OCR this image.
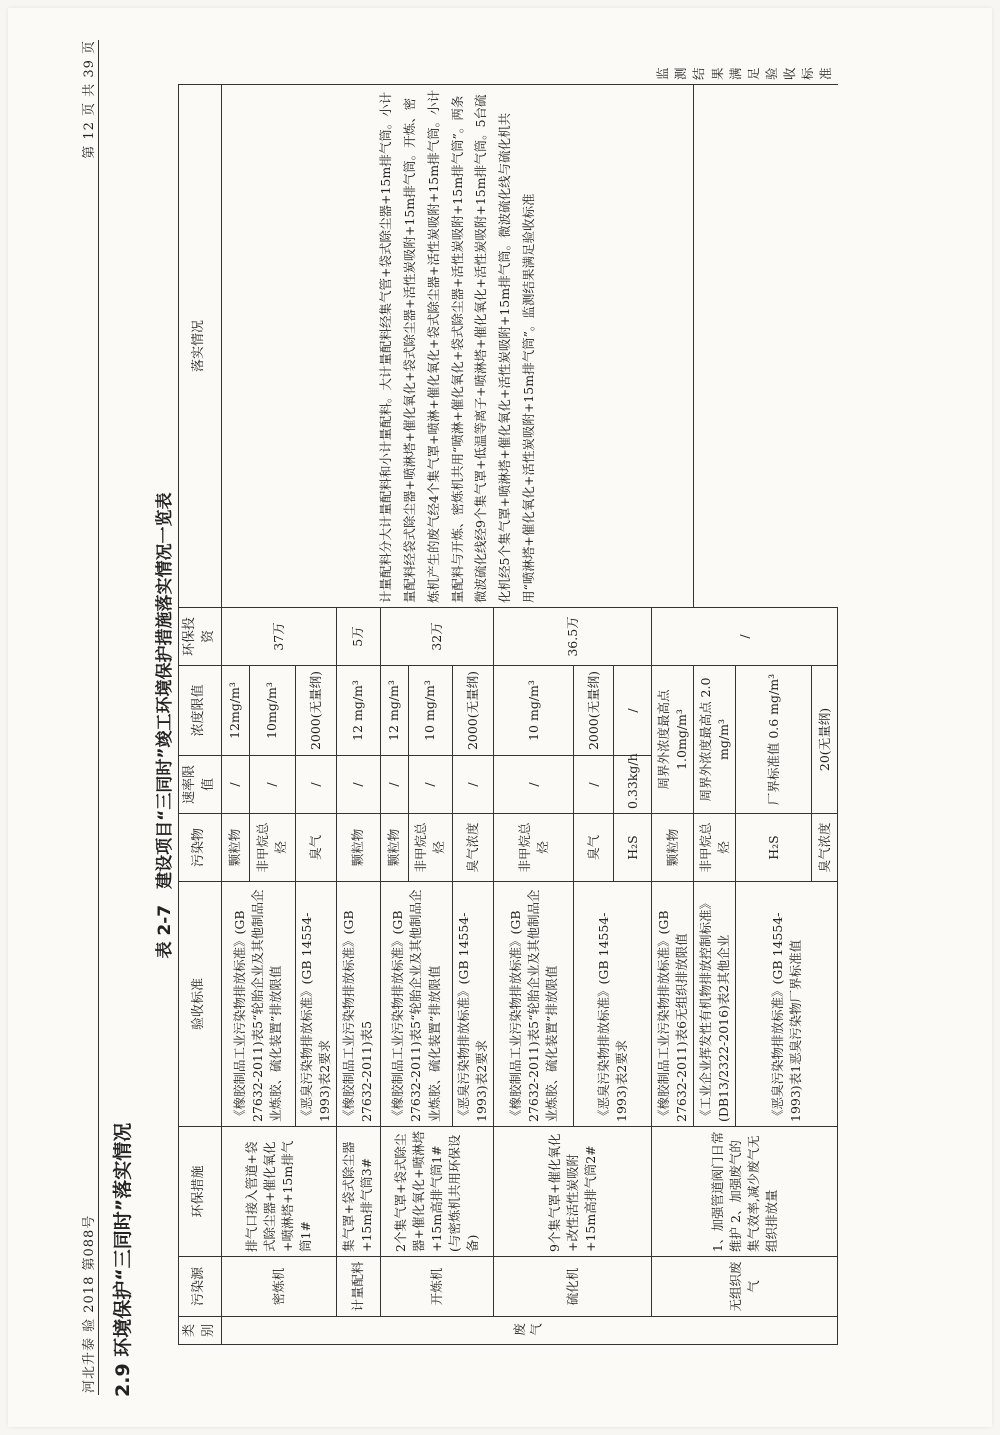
河北升泰 验 2018 第088号
第 12 页 共 39 页
2.9 环境保护“三同时”落实情况
表 2-7建设项目“三同时”竣工环境保护措施落实情况一览表
类别	污染源	环保措施	验收标准	污染物	速率限值	浓度限值	环保投资	落实情况	
废气	密炼机	排气口接入管道+袋式除尘器+催化氧化+喷淋塔+15m排气筒1#	《橡胶制品工业污染物排放标准》(GB 27632-2011)表5“轮胎企业及其他制品企业炼胶、硫化装置”排放限值	颗粒物	/	12mg/m³	37万	计量配料分大计量配料和小计量配料。大计量配料经集气管+袋式除尘器+15m排气筒。小计量配料经袋式除尘器+喷淋塔+催化氧化+袋式除尘器+活性炭吸附+15m排气筒。开炼、密炼机产生的废气经4个集气罩+喷淋+催化氧化+袋式除尘器+活性炭吸附+15m排气筒。小计量配料与开炼、密炼机共用“喷淋+催化氧化+袋式除尘器+活性炭吸附+15m排气筒”。两条微波硫化线经9个集气罩+低温等离子+喷淋塔+催化氧化+活性炭吸附+15m排气筒。5台硫化机经5个集气罩+喷淋塔+催化氧化+活性炭吸附+15m排气筒。微波硫化线与硫化机共用“喷淋塔+催化氧化+活性炭吸附+15m排气筒”。监测结果满足验收标准	
				非甲烷总烃	/	10mg/m³			
			《恶臭污染物排放标准》(GB 14554-1993)表2要求	臭气	/	2000(无量纲)			
	计量配料	集气罩+袋式除尘器+15m排气筒3#	《橡胶制品工业污染物排放标准》(GB 27632-2011)表5	颗粒物	/	12 mg/m³	5万		
	开炼机	2个集气罩+袋式除尘器+催化氧化+喷淋塔+15m高排气筒1#(与密炼机共用环保设备)	《橡胶制品工业污染物排放标准》(GB 27632-2011)表5“轮胎企业及其他制品企业炼胶、硫化装置”排放限值	颗粒物	/	12 mg/m³	32万		
				非甲烷总烃	/	10 mg/m³			
			《恶臭污染物排放标准》(GB 14554-1993)表2要求	臭气浓度	/	2000(无量纲)			
	硫化机	9个集气罩+催化氧化+改性活性炭吸附+15m高排气筒2#	《橡胶制品工业污染物排放标准》(GB 27632-2011)表5“轮胎企业及其他制品企业炼胶、硫化装置”排放限值	非甲烷总烃	/	10 mg/m³	36.5万		
			《恶臭污染物排放标准》(GB 14554-1993)表2要求	臭气	/	2000(无量纲)			
				H₂S	0.33kg/h	/			
	无组织废气	1、加强管道阀门日常维护 2、加强废气的集气效率,减少废气无组织排放量	《橡胶制品工业污染物排放标准》(GB 27632-2011)表6无组织排放限值	颗粒物	周界外浓度最高点 1.0mg/m³		/		监测结果满足验收标准
			《工业企业挥发性有机物排放控制标准》(DB13/2322-2016)表2其他企业	非甲烷总烃	周界外浓度最高点 2.0 mg/m³				
			《恶臭污染物排放标准》(GB 14554-1993)表1恶臭污染物厂界标准值	H₂S	厂界标准值 0.6 mg/m³				
				臭气浓度	20(无量纲)				
